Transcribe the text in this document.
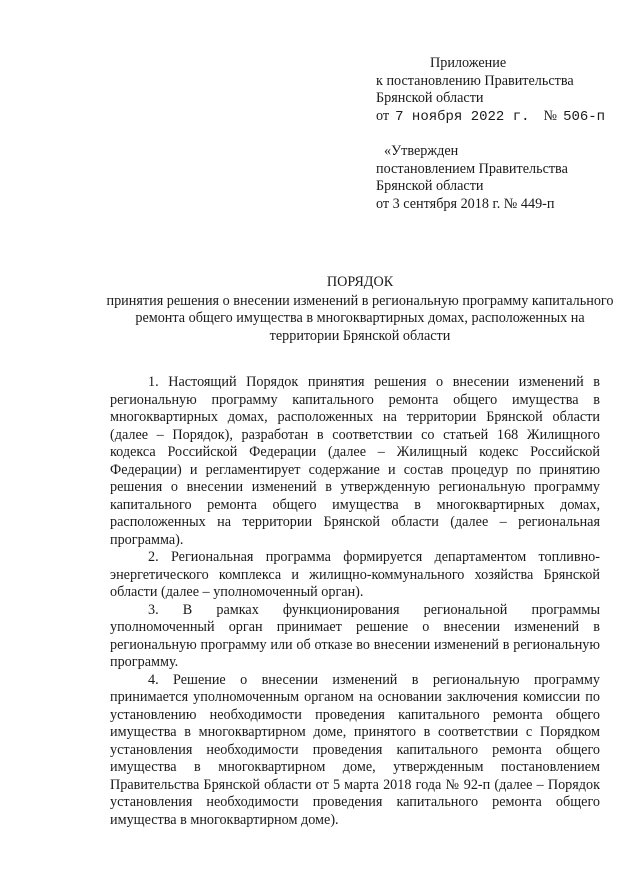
Приложение
к постановлению Правительства
Брянской области
от 7 ноября 2022 г. № 506-п
«Утвержден
постановлением Правительства
Брянской области
от 3 сентября 2018 г. № 449-п
ПОРЯДОК
принятия решения о внесении изменений в региональную программу капитального ремонта общего имущества в многоквартирных домах, расположенных на территории Брянской области

1. Настоящий Порядок принятия решения о внесении изменений в региональную программу капитального ремонта общего имущества в многоквартирных домах, расположенных на территории Брянской области (далее – Порядок), разработан в соответствии со статьей 168 Жилищного кодекса Российской Федерации (далее – Жилищный кодекс Российской Федерации) и регламентирует содержание и состав процедур по принятию решения о внесении изменений в утвержденную региональную программу капитального ремонта общего имущества в многоквартирных домах, расположенных на территории Брянской области (далее – региональная программа).

2. Региональная программа формируется департаментом топливно-энергетического комплекса и жилищно-коммунального хозяйства Брянской области (далее – уполномоченный орган).

3. В рамках функционирования региональной программы уполномоченный орган принимает решение о внесении изменений в региональную программу или об отказе во внесении изменений в региональную программу.

4. Решение о внесении изменений в региональную программу принимается уполномоченным органом на основании заключения комиссии по установлению необходимости проведения капитального ремонта общего имущества в многоквартирном доме, принятого в соответствии с Порядком установления необходимости проведения капитального ремонта общего имущества в многоквартирном доме, утвержденным постановлением Правительства Брянской области от 5 марта 2018 года № 92-п (далее – Порядок установления необходимости проведения капитального ремонта общего имущества в многоквартирном доме).
